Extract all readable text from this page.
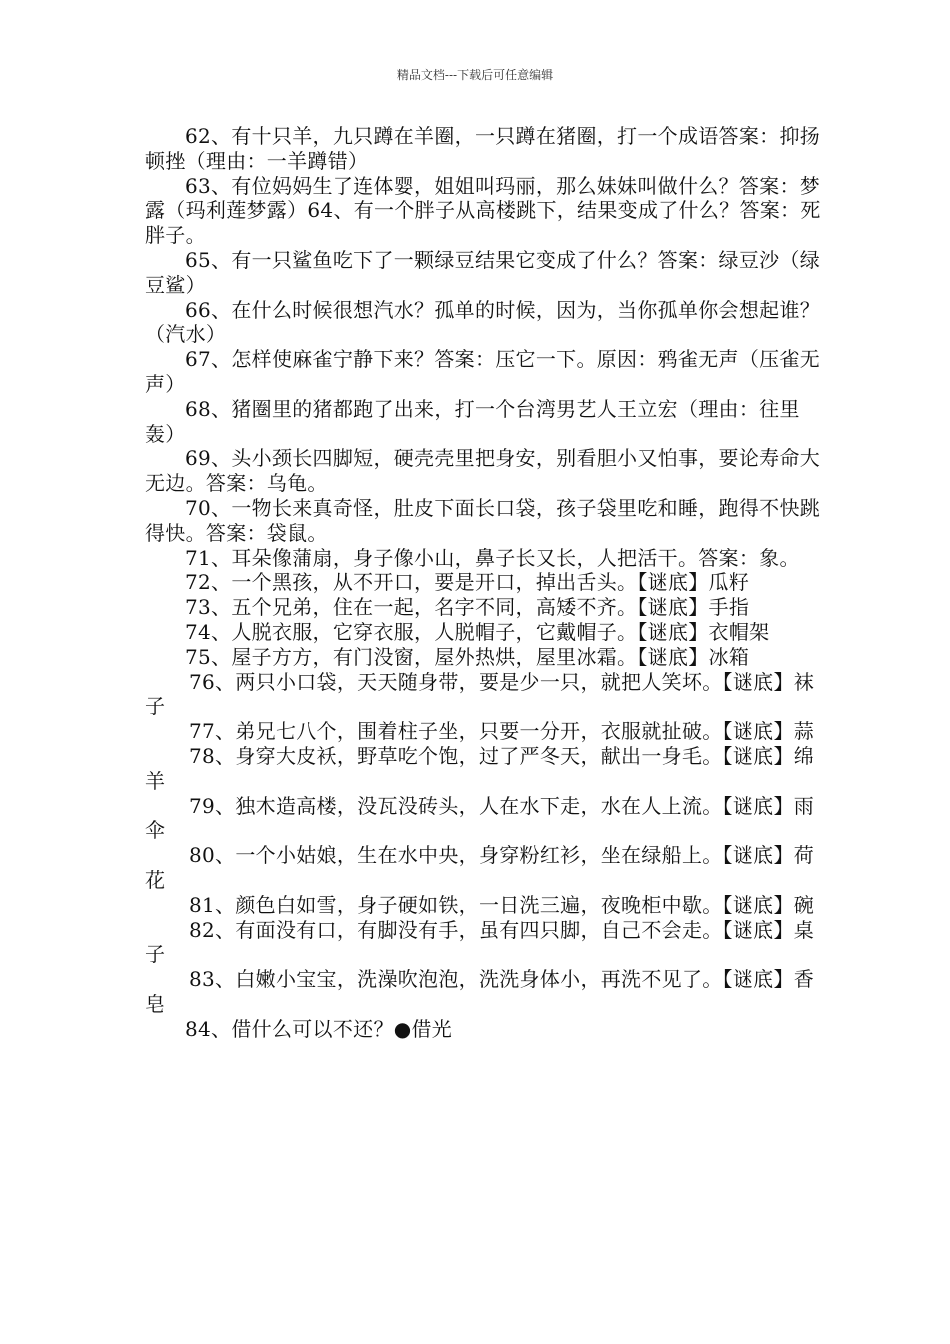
精品文档---下载后可任意编辑

62、有十只羊，九只蹲在羊圈，一只蹲在猪圈，打一个成语答案：抑扬顿挫（理由：一羊蹲错）

63、有位妈妈生了连体婴，姐姐叫玛丽，那么妹妹叫做什么？答案：梦露（玛利莲梦露）64、有一个胖子从高楼跳下，结果变成了什么？答案：死胖子。

65、有一只鲨鱼吃下了一颗绿豆结果它变成了什么？答案：绿豆沙（绿豆鲨）

66、在什么时候很想汽水？孤单的时候，因为，当你孤单你会想起谁？（汽水）

67、怎样使麻雀宁静下来？答案：压它一下。原因：鸦雀无声（压雀无声）

68、猪圈里的猪都跑了出来，打一个台湾男艺人王立宏（理由：往里轰）

69、头小颈长四脚短，硬壳壳里把身安，别看胆小又怕事，要论寿命大无边。答案：乌龟。

70、一物长来真奇怪，肚皮下面长口袋，孩子袋里吃和睡，跑得不快跳得快。答案：袋鼠。

71、耳朵像蒲扇，身子像小山，鼻子长又长，人把活干。答案：象。

72、一个黑孩，从不开口，要是开口，掉出舌头。【谜底】瓜籽

73、五个兄弟，住在一起，名字不同，高矮不齐。【谜底】手指

74、人脱衣服，它穿衣服，人脱帽子，它戴帽子。【谜底】衣帽架

75、屋子方方，有门没窗，屋外热烘，屋里冰霜。【谜底】冰箱

76、两只小口袋，天天随身带，要是少一只，就把人笑坏。【谜底】袜子

77、弟兄七八个，围着柱子坐，只要一分开，衣服就扯破。【谜底】蒜

78、身穿大皮袄，野草吃个饱，过了严冬天，献出一身毛。【谜底】绵羊

79、独木造高楼，没瓦没砖头，人在水下走，水在人上流。【谜底】雨伞

80、一个小姑娘，生在水中央，身穿粉红衫，坐在绿船上。【谜底】荷花

81、颜色白如雪，身子硬如铁，一日洗三遍，夜晚柜中歇。【谜底】碗

82、有面没有口，有脚没有手，虽有四只脚，自己不会走。【谜底】桌子

83、白嫩小宝宝，洗澡吹泡泡，洗洗身体小，再洗不见了。【谜底】香皂

84、借什么可以不还？●借光
